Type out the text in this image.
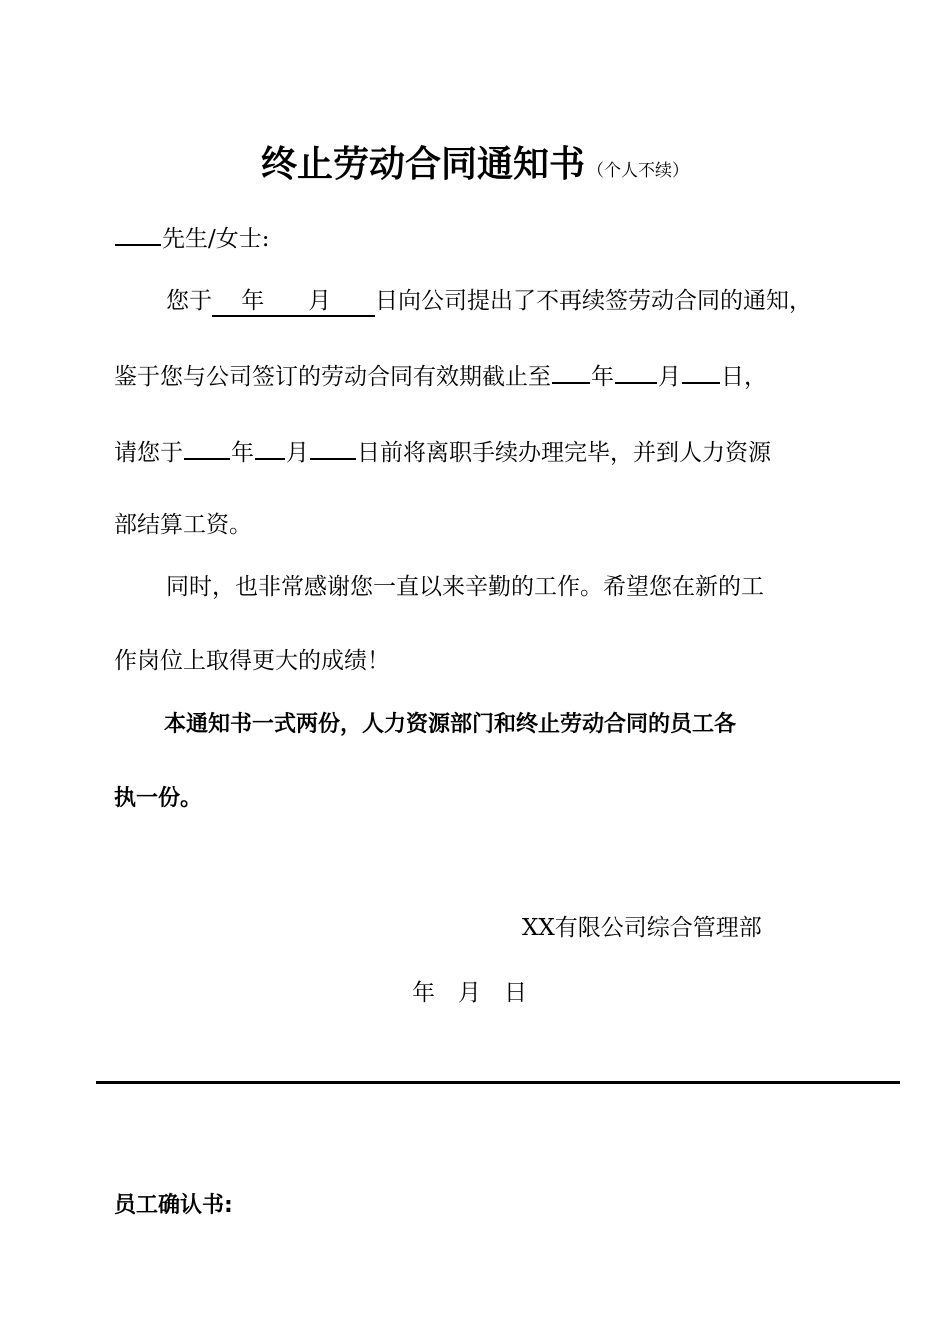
终止劳动合同通知书 （个人不续）
先生/女士:
您于 年 月 日向公司提出了不再续签劳动合同的通知，
鉴于您与公司签订的劳动合同有效期截止至 年 月 日，
请您于 年 月 日前将离职手续办理完毕，并到人力资源
部结算工资。
同时，也非常感谢您一直以来辛勤的工作。希望您在新的工
作岗位上取得更大的成绩！
本通知书一式两份，人力资源部门和终止劳动合同的员工各
执一份。
XX有限公司综合管理部
年　月　日
员工确认书:
